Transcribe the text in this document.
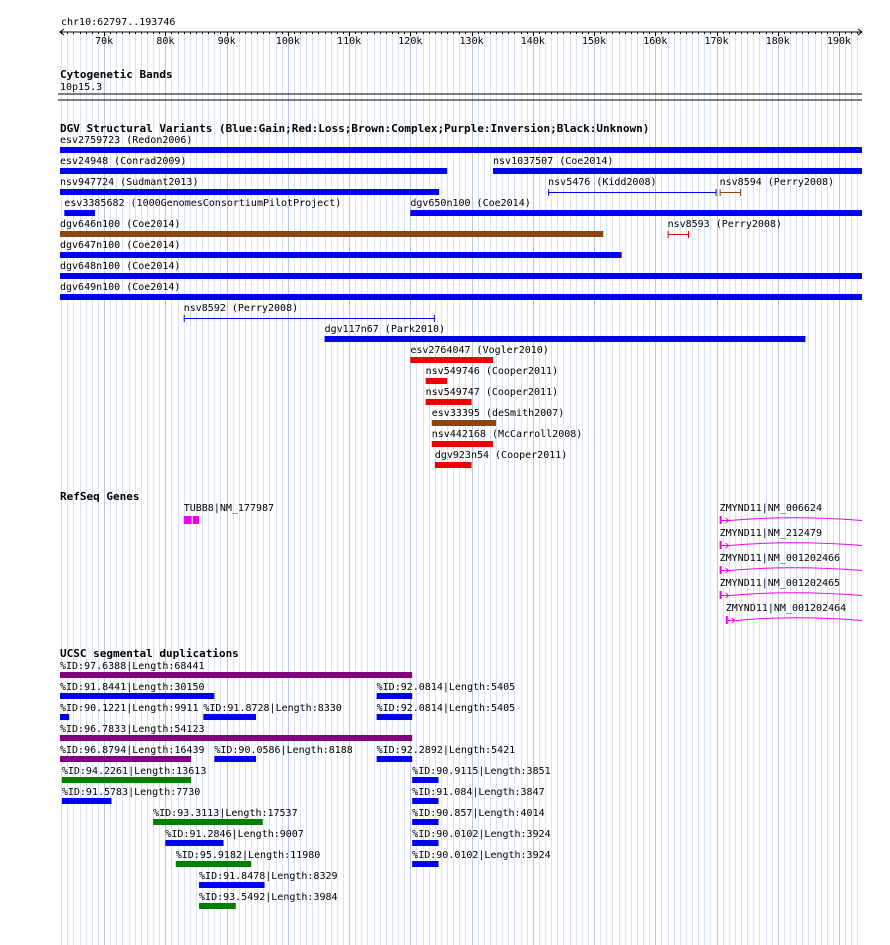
chr10:62797..193746
70k	80k	90k	100k	110k	120k	130k	140k	150k	160k	170k	180k	190k
Cytogenetic Bands
10p15.3
DGV Structural Variants (Blue:Gain;Red:Loss;Brown:Complex;Purple:Inversion;Black:Unknown)
esv2759723 (Redon2006)
esv24948 (Conrad2009)	nsv1037507 (Coe2014)
nsv947724 (Sudmant2013)	nsv5476 (Kidd2008)	nsv8594 (Perry2008)
esv3385682 (1000GenomesConsortiumPilotProject)	dgv650n100 (Coe2014)
dgv646n100 (Coe2014)	nsv8593 (Perry2008)
dgv647n100 (Coe2014)
dgv648n100 (Coe2014)
dgv649n100 (Coe2014)
nsv8592 (Perry2008)
dgv117n67 (Park2010)
esv2764047 (Vogler2010)
nsv549746 (Cooper2011)
nsv549747 (Cooper2011)
esv33395 (deSmith2007)
nsv442168 (McCarroll2008)
dgv923n54 (Cooper2011)
RefSeq Genes
TUBB8|NM_177987	ZMYND11|NM_006624
ZMYND11|NM_212479
ZMYND11|NM_001202466
ZMYND11|NM_001202465
ZMYND11|NM_001202464
UCSC segmental duplications
%ID:97.6388|Length:68441
%ID:91.8441|Length:30150	%ID:92.0814|Length:5405
%ID:90.1221|Length:9911 %ID:91.8728|Length:8330	%ID:92.0814|Length:5405
%ID:96.7833|Length:54123
%ID:96.8794|Length:16439 %ID:90.0586|Length:8188 %ID:92.2892|Length:5421
%ID:94.2261|Length:13613	%ID:90.9115|Length:3851
%ID:91.5783|Length:7730	%ID:91.084|Length:3847
%ID:93.3113|Length:17537	%ID:90.857|Length:4014
%ID:91.2846|Length:9007	%ID:90.0102|Length:3924
%ID:95.9182|Length:11980	%ID:90.0102|Length:3924
%ID:91.8478|Length:8329
%ID:93.5492|Length:3984
